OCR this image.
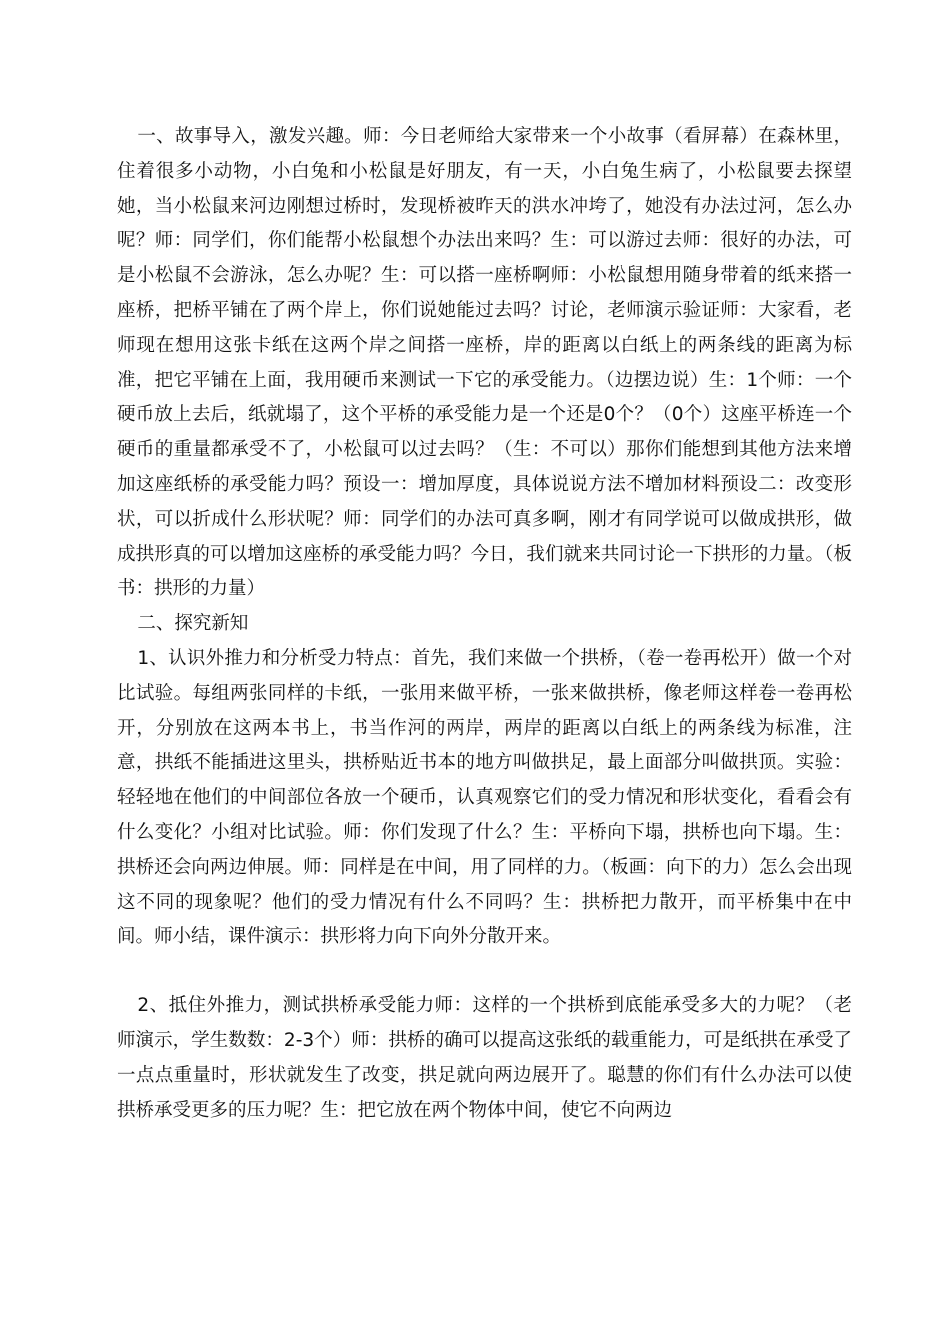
一、故事导入，激发兴趣。师：今日老师给大家带来一个小故事（看屏幕）在森林里，住着很多小动物，小白兔和小松鼠是好朋友，有一天，小白兔生病了，小松鼠要去探望她，当小松鼠来河边刚想过桥时，发现桥被昨天的洪水冲垮了，她没有办法过河，怎么办呢？师：同学们，你们能帮小松鼠想个办法出来吗？生：可以游过去师：很好的办法，可是小松鼠不会游泳，怎么办呢？生：可以搭一座桥啊师：小松鼠想用随身带着的纸来搭一座桥，把桥平铺在了两个岸上，你们说她能过去吗？讨论，老师演示验证师：大家看，老师现在想用这张卡纸在这两个岸之间搭一座桥，岸的距离以白纸上的两条线的距离为标准，把它平铺在上面，我用硬币来测试一下它的承受能力。（边摆边说）生：1个师：一个硬币放上去后，纸就塌了，这个平桥的承受能力是一个还是0个？（0个）这座平桥连一个硬币的重量都承受不了，小松鼠可以过去吗？（生：不可以）那你们能想到其他方法来增加这座纸桥的承受能力吗？预设一：增加厚度，具体说说方法不增加材料预设二：改变形状，可以折成什么形状呢？师：同学们的办法可真多啊，刚才有同学说可以做成拱形，做成拱形真的可以增加这座桥的承受能力吗？今日，我们就来共同讨论一下拱形的力量。（板书：拱形的力量）

二、探究新知

1、认识外推力和分析受力特点：首先，我们来做一个拱桥，（卷一卷再松开）做一个对比试验。每组两张同样的卡纸，一张用来做平桥，一张来做拱桥，像老师这样卷一卷再松开，分别放在这两本书上，书当作河的两岸，两岸的距离以白纸上的两条线为标准，注意，拱纸不能插进这里头，拱桥贴近书本的地方叫做拱足，最上面部分叫做拱顶。实验：轻轻地在他们的中间部位各放一个硬币，认真观察它们的受力情况和形状变化，看看会有什么变化？小组对比试验。师：你们发现了什么？生：平桥向下塌，拱桥也向下塌。生：拱桥还会向两边伸展。师：同样是在中间，用了同样的力。（板画：向下的力）怎么会出现这不同的现象呢？他们的受力情况有什么不同吗？生：拱桥把力散开，而平桥集中在中间。师小结，课件演示：拱形将力向下向外分散开来。

2、抵住外推力，测试拱桥承受能力师：这样的一个拱桥到底能承受多大的力呢？（老师演示，学生数数：2-3个）师：拱桥的确可以提高这张纸的载重能力，可是纸拱在承受了一点点重量时，形状就发生了改变，拱足就向两边展开了。聪慧的你们有什么办法可以使拱桥承受更多的压力呢？生：把它放在两个物体中间，使它不向两边
